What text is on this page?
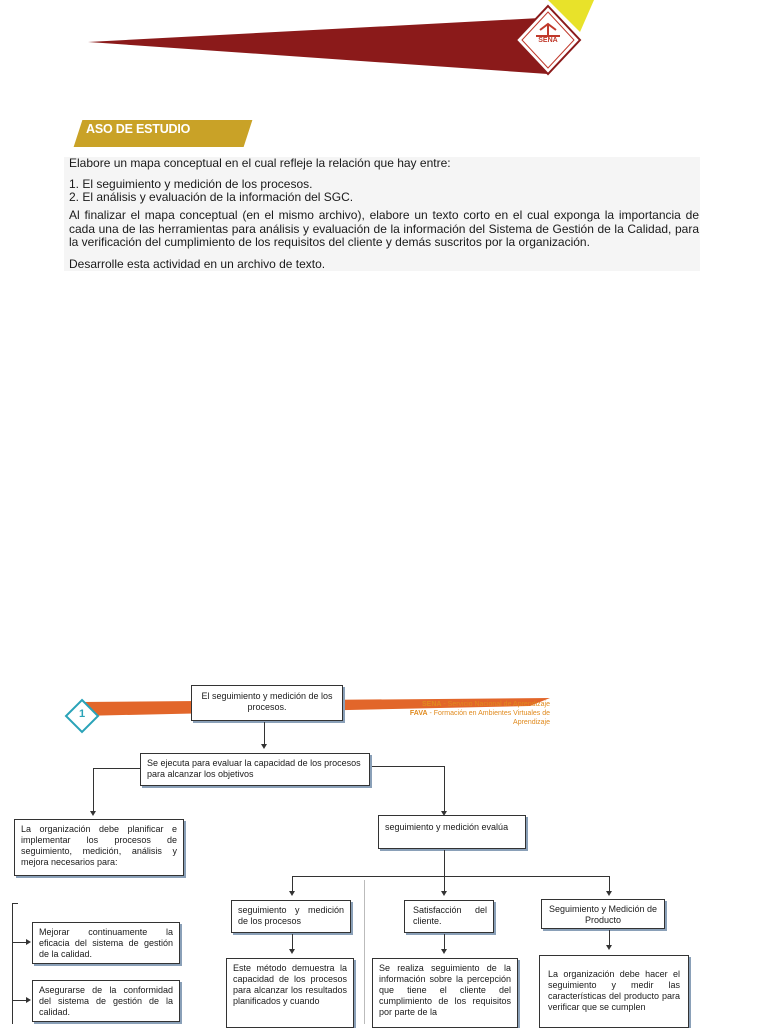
SENA
ASO DE ESTUDIO

Elabore un mapa conceptual en el cual refleje la relación que hay entre:

1. El seguimiento y medición de los procesos.

2. El análisis y evaluación de la información del SGC.

Al finalizar el mapa conceptual (en el mismo archivo), elabore un texto corto en el cual exponga la importancia de cada una de las herramientas para análisis y evaluación de la información del Sistema de Gestión de la Calidad, para la verificación del cumplimiento de los requisitos del cliente y demás suscritos por la organización.

Desarrolle esta actividad en un archivo de texto.

1
SENA - Servicio Nacional de Aprendizaje
FAVA - Formación en Ambientes Virtuales de
Aprendizaje
El seguimiento y medición de los procesos.
Se ejecuta para evaluar la capacidad de los procesos para alcanzar los objetivos
La organización debe planificar e implementar los procesos de seguimiento, medición, análisis y mejora necesarios para:
seguimiento y medición evalúa
Mejorar continuamente la eficacia del sistema de gestión de la calidad.
Asegurarse de la conformidad del sistema de gestión de la calidad.
seguimiento y medición de los procesos
Satisfacción del cliente.
Seguimiento y Medición de Producto
Este método demuestra la capacidad de los procesos para alcanzar los resultados planificados y cuando
Se realiza seguimiento de la información sobre la percepción que tiene el cliente del cumplimiento de los requisitos por parte de la
La organización debe hacer el seguimiento y medir las características del producto para verificar que se cumplen
